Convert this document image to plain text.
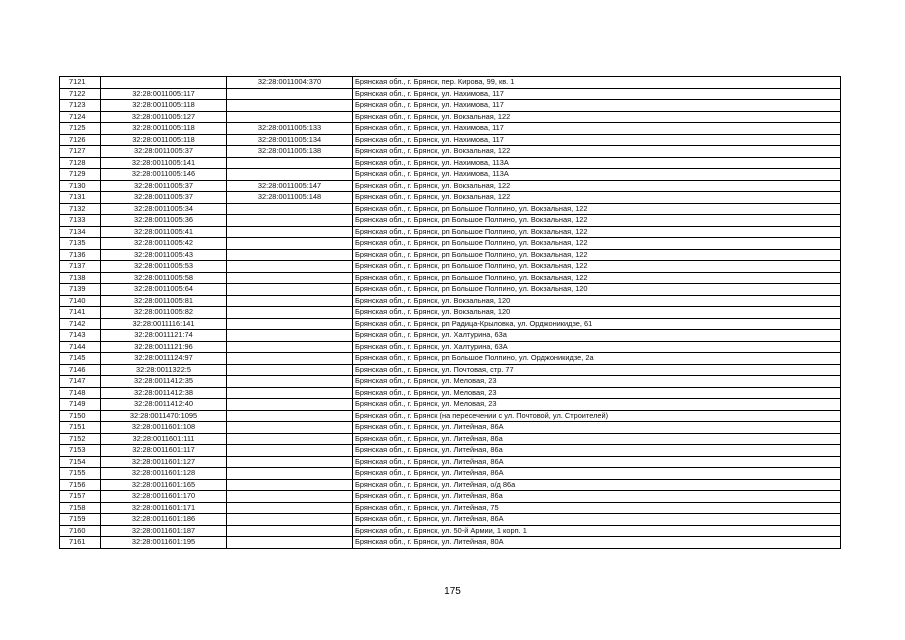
7121		32:28:0011004:370	Брянская обл., г. Брянск, пер. Кирова, 99, кв. 1
7122	32:28:0011005:117		Брянская обл., г. Брянск, ул. Нахимова, 117
7123	32:28:0011005:118		Брянская обл., г. Брянск, ул. Нахимова, 117
7124	32:28:0011005:127		Брянская обл., г. Брянск, ул. Вокзальная, 122
7125	32:28:0011005:118	32:28:0011005:133	Брянская обл., г. Брянск, ул. Нахимова, 117
7126	32:28:0011005:118	32:28:0011005:134	Брянская обл., г. Брянск, ул. Нахимова, 117
7127	32:28:0011005:37	32:28:0011005:138	Брянская обл., г. Брянск, ул. Вокзальная, 122
7128	32:28:0011005:141		Брянская обл., г. Брянск, ул. Нахимова, 113А
7129	32:28:0011005:146		Брянская обл., г. Брянск, ул. Нахимова, 113А
7130	32:28:0011005:37	32:28:0011005:147	Брянская обл., г. Брянск, ул. Вокзальная, 122
7131	32:28:0011005:37	32:28:0011005:148	Брянская обл., г. Брянск, ул. Вокзальная, 122
7132	32:28:0011005:34		Брянская обл., г. Брянск, рп Большое Полпино, ул. Вокзальная, 122
7133	32:28:0011005:36		Брянская обл., г. Брянск, рп Большое Полпино, ул. Вокзальная, 122
7134	32:28:0011005:41		Брянская обл., г. Брянск, рп Большое Полпино, ул. Вокзальная, 122
7135	32:28:0011005:42		Брянская обл., г. Брянск, рп Большое Полпино, ул. Вокзальная, 122
7136	32:28:0011005:43		Брянская обл., г. Брянск, рп Большое Полпино, ул. Вокзальная, 122
7137	32:28:0011005:53		Брянская обл., г. Брянск, рп Большое Полпино, ул. Вокзальная, 122
7138	32:28:0011005:58		Брянская обл., г. Брянск, рп Большое Полпино, ул. Вокзальная, 122
7139	32:28:0011005:64		Брянская обл., г. Брянск, рп Большое Полпино, ул. Вокзальная, 120
7140	32:28:0011005:81		Брянская обл., г. Брянск, ул. Вокзальная, 120
7141	32:28:0011005:82		Брянская обл., г. Брянск, ул. Вокзальная, 120
7142	32:28:0011116:141		Брянская обл., г. Брянск, рп Радица-Крыловка, ул. Орджоникидзе, 61
7143	32:28:0011121:74		Брянская обл., г. Брянск, ул. Халтурина, 63а
7144	32:28:0011121:96		Брянская обл., г. Брянск, ул. Халтурина, 63А
7145	32:28:0011124:97		Брянская обл., г. Брянск, рп Большое Полпино, ул. Орджоникидзе, 2а
7146	32:28:0011322:5		Брянская обл., г. Брянск, ул. Почтовая, стр. 77
7147	32:28:0011412:35		Брянская обл., г. Брянск, ул. Меловая, 23
7148	32:28:0011412:38		Брянская обл., г. Брянск, ул. Меловая, 23
7149	32:28:0011412:40		Брянская обл., г. Брянск, ул. Меловая, 23
7150	32:28:0011470:1095		Брянская обл., г. Брянск (на пересечении с ул. Почтовой, ул. Строителей)
7151	32:28:0011601:108		Брянская обл., г. Брянск, ул. Литейная, 86А
7152	32:28:0011601:111		Брянская обл., г. Брянск, ул. Литейная, 86а
7153	32:28:0011601:117		Брянская обл., г. Брянск, ул. Литейная, 86а
7154	32:28:0011601:127		Брянская обл., г. Брянск, ул. Литейная, 86А
7155	32:28:0011601:128		Брянская обл., г. Брянск, ул. Литейная, 86А
7156	32:28:0011601:165		Брянская обл., г. Брянск, ул. Литейная, о/д 86а
7157	32:28:0011601:170		Брянская обл., г. Брянск, ул. Литейная, 86а
7158	32:28:0011601:171		Брянская обл., г. Брянск, ул. Литейная, 75
7159	32:28:0011601:186		Брянская обл., г. Брянск, ул. Литейная, 86А
7160	32:28:0011601:187		Брянская обл., г. Брянск, ул. 50-й Армии, 1 корп. 1
7161	32:28:0011601:195		Брянская обл., г. Брянск, ул. Литейная, 80А
175
